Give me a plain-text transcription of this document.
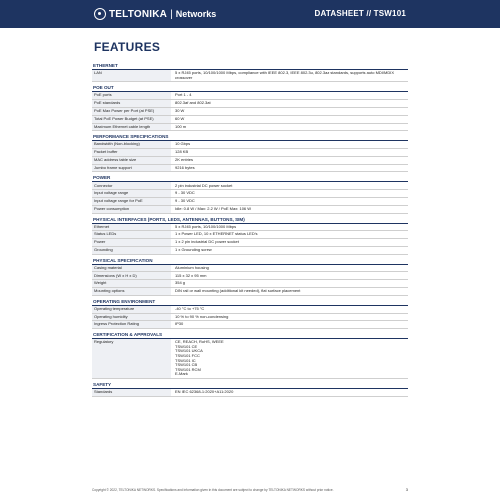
TELTONIKA | Networks	DATASHEET // TSW101
FEATURES
ETHERNET
LAN	5 x RJ45 ports, 10/100/1000 Mbps, compliance with IEEE 802.3, IEEE 802.3u, 802.3az standards, supports auto MDI/MDIX crossover
POE OUT
PoE ports	Port 1 - 4
PoE standards	802.3af and 802.3at
PoE Max Power per Port (at PSE)	30 W
Total PoE Power Budget (at PSE)	60 W
Maximum Ethernet cable length	100 m
PERFORMANCE SPECIFICATIONS
Bandwidth (Non-blocking)	10 Gbps
Packet buffer	128 KB
MAC address table size	2K entries
Jumbo frame support	9216 bytes
POWER
Connector	2 pin industrial DC power socket
Input voltage range	9 - 30 VDC
Input voltage range for PoE	9 - 30 VDC
Power consumption	Idle: 0.8 W / Max: 2.2 W / PoE Max: 106 W
PHYSICAL INTERFACES (PORTS, LEDS, ANTENNAS, BUTTONS, SIM)
Ethernet	5 x RJ45 ports, 10/100/1000 Mbps
Status LEDs	1 x Power LED, 10 x ETHERNET status LED's
Power	1 x 2 pin industrial DC power socket
Grounding	1 x Grounding screw
PHYSICAL SPECIFICATION
Casing material	Aluminium housing
Dimensions (W x H x D)	115 x 32 x 95 mm
Weight	354 g
Mounting options	DIN rail or wall mounting (additional kit needed), flat surface placement
OPERATING ENVIRONMENT
Operating temperature	-40 °C to +75 °C
Operating humidity	10 % to 90 % non-condensing
Ingress Protection Rating	IP30
CERTIFICATION & APPROVALS
Regulatory	CE, REACH, RoHS, WEEE
TSW101 CE
TSW101 UKCA
TSW101 FCC
TSW101 IC
TSW101 CB
TSW101 RCM
E-Mark
SAFETY
Standards	EN IEC 62368-1:2020+A11:2020
Copyright © 2022, TELTONIKA NETWORKS. Specifications and information given in this document are subject to change by TELTONIKA NETWORKS without prior notice.	3
